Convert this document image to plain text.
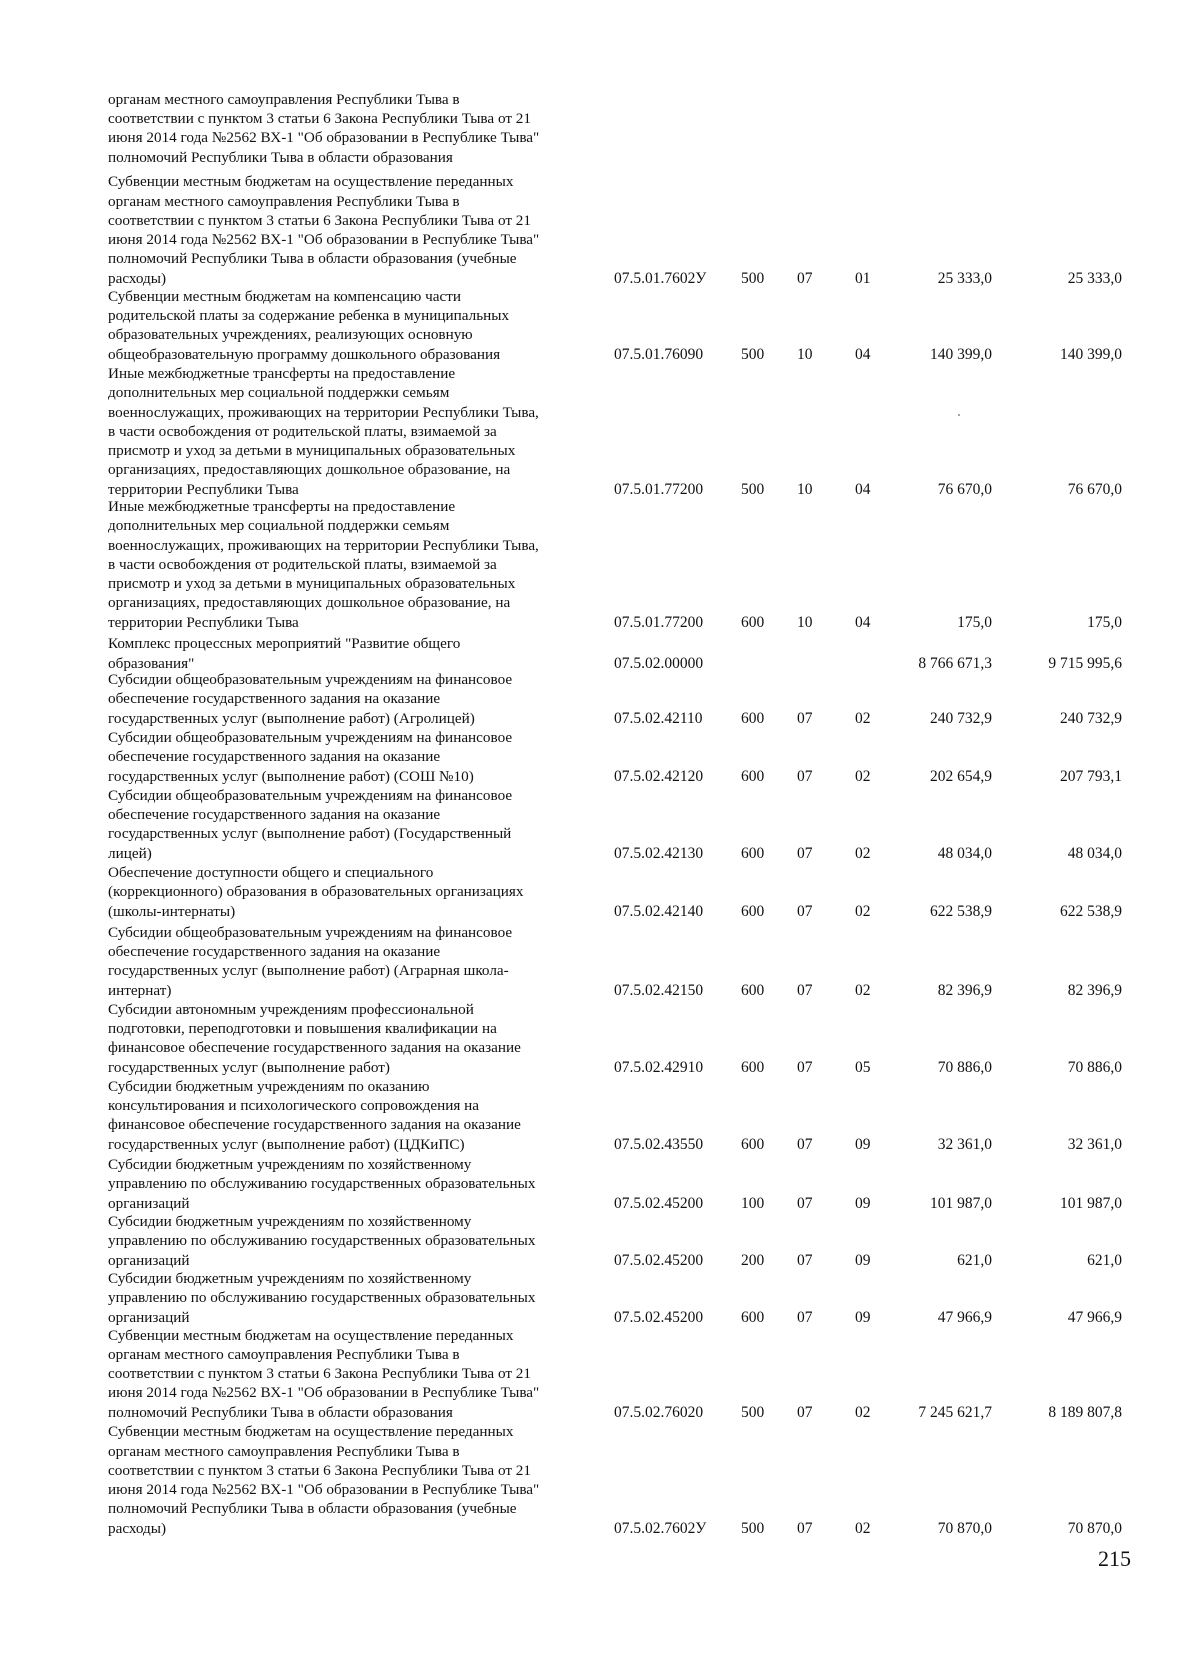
органам местного самоуправления Республики Тыва в
соответствии с пунктом 3 статьи 6 Закона Республики Тыва от 21
июня 2014 года №2562 ВХ-1 "Об образовании в Республике Тыва"
полномочий Республики Тыва в области образования
Субвенции местным бюджетам на осуществление переданных
органам местного самоуправления Республики Тыва в
соответствии с пунктом 3 статьи 6 Закона Республики Тыва от 21
июня 2014 года №2562 ВХ-1 "Об образовании в Республике Тыва"
полномочий Республики Тыва в области образования (учебные
расходы)	07.5.01.7602У 500 07	01	25 333,0	25 333,0
Субвенции местным бюджетам на компенсацию части
родительской платы за содержание ребенка в муниципальных
образовательных учреждениях, реализующих основную
общеобразовательную программу дошкольного образования	07.5.01.76090 500 10	04	140 399,0	140 399,0
Иные межбюджетные трансферты на предоставление
дополнительных мер социальной поддержки семьям
военнослужащих, проживающих на территории Республики Тыва,
в части освобождения от родительской платы, взимаемой за
присмотр и уход за детьми в муниципальных образовательных
организациях, предоставляющих дошкольное образование, на
территории Республики Тыва	07.5.01.77200 500 10	04	76 670,0	76 670,0
Иные межбюджетные трансферты на предоставление
дополнительных мер социальной поддержки семьям
военнослужащих, проживающих на территории Республики Тыва,
в части освобождения от родительской платы, взимаемой за
присмотр и уход за детьми в муниципальных образовательных
организациях, предоставляющих дошкольное образование, на
территории Республики Тыва	07.5.01.77200 600 10	04	175,0	175,0
Комплекс процессных мероприятий "Развитие общего
образования"	07.5.02.00000	8 766 671,3	9 715 995,6
Субсидии общеобразовательным учреждениям на финансовое
обеспечение государственного задания на оказание
государственных услуг (выполнение работ) (Агролицей)	07.5.02.42110 600 07	02	240 732,9	240 732,9
Субсидии общеобразовательным учреждениям на финансовое
обеспечение государственного задания на оказание
государственных услуг (выполнение работ) (СОШ №10)	07.5.02.42120 600 07	02	202 654,9	207 793,1
Субсидии общеобразовательным учреждениям на финансовое
обеспечение государственного задания на оказание
государственных услуг (выполнение работ) (Государственный
лицей)	07.5.02.42130 600 07	02	48 034,0	48 034,0
Обеспечение доступности общего и специального
(коррекционного) образования в образовательных организациях
(школы-интернаты)	07.5.02.42140 600 07	02	622 538,9	622 538,9
Субсидии общеобразовательным учреждениям на финансовое
обеспечение государственного задания на оказание
государственных услуг (выполнение работ) (Аграрная школа-
интернат)	07.5.02.42150 600 07	02	82 396,9	82 396,9
Субсидии автономным учреждениям профессиональной
подготовки, переподготовки и повышения квалификации на
финансовое обеспечение государственного задания на оказание
государственных услуг (выполнение работ)	07.5.02.42910 600 07	05	70 886,0	70 886,0
Субсидии бюджетным учреждениям по оказанию
консультирования и психологического сопровождения на
финансовое обеспечение государственного задания на оказание
государственных услуг (выполнение работ) (ЦДКиПС)	07.5.02.43550 600 07	09	32 361,0	32 361,0
Субсидии бюджетным учреждениям по хозяйственному
управлению по обслуживанию государственных образовательных
организаций	07.5.02.45200 100 07	09	101 987,0	101 987,0
Субсидии бюджетным учреждениям по хозяйственному
управлению по обслуживанию государственных образовательных
организаций	07.5.02.45200 200 07	09	621,0	621,0
Субсидии бюджетным учреждениям по хозяйственному
управлению по обслуживанию государственных образовательных
организаций	07.5.02.45200 600 07	09	47 966,9	47 966,9
Субвенции местным бюджетам на осуществление переданных
органам местного самоуправления Республики Тыва в
соответствии с пунктом 3 статьи 6 Закона Республики Тыва от 21
июня 2014 года №2562 ВХ-1 "Об образовании в Республике Тыва"
полномочий Республики Тыва в области образования	07.5.02.76020 500 07	02	7 245 621,7	8 189 807,8
Субвенции местным бюджетам на осуществление переданных
органам местного самоуправления Республики Тыва в
соответствии с пунктом 3 статьи 6 Закона Республики Тыва от 21
июня 2014 года №2562 ВХ-1 "Об образовании в Республике Тыва"
полномочий Республики Тыва в области образования (учебные
расходы)	07.5.02.7602У 500 07	02	70 870,0	70 870,0
215
